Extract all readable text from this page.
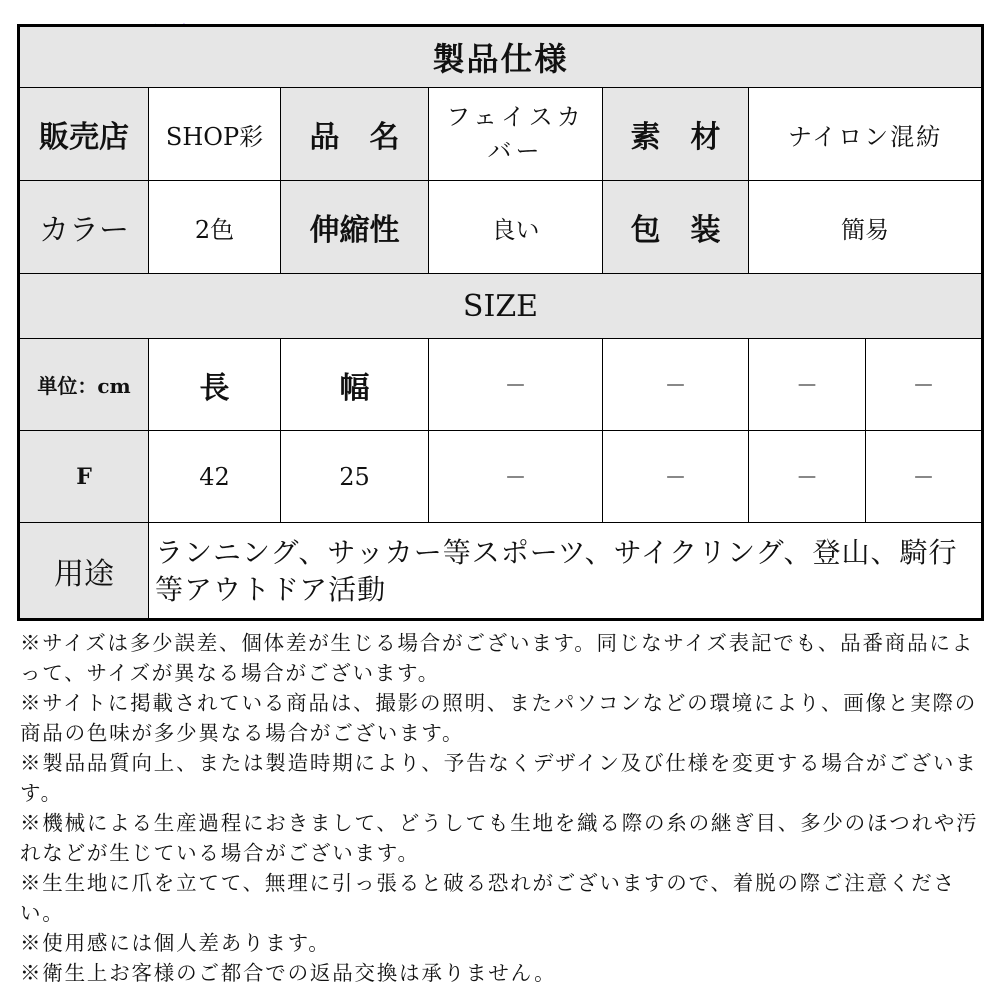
製品仕様						
販売店	SHOP彩	品　名	フェイスカバー	素　材	ナイロン混紡	
カラー	2色	伸縮性	良い	包　装	簡易	
SIZE						
単位：cm	長	幅	－	－	－	－
F	42	25	－	－	－	－
用途	ランニング、サッカー等スポーツ、サイクリング、登山、騎行等アウトドア活動					
※サイズは多少誤差、個体差が生じる場合がございます。同じなサイズ表記でも、品番商品によって、サイズが異なる場合がございます。
※サイトに掲載されている商品は、撮影の照明、またパソコンなどの環境により、画像と実際の商品の色味が多少異なる場合がございます。
※製品品質向上、または製造時期により、予告なくデザイン及び仕様を変更する場合がございます。
※機械による生産過程におきまして、どうしても生地を織る際の糸の継ぎ目、多少のほつれや汚れなどが生じている場合がございます。
※生生地に爪を立てて、無理に引っ張ると破る恐れがございますので、着脱の際ご注意ください。
※使用感には個人差あります。
※衛生上お客様のご都合での返品交換は承りません。
